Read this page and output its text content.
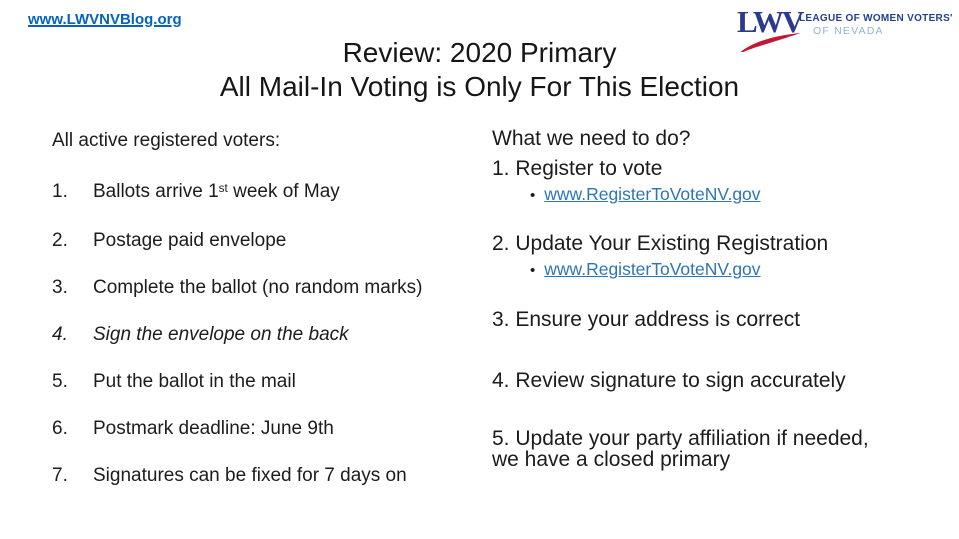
www.LWVNVBlog.org	LWV
LEAGUE OF WOMEN VOTERS'
OF NEVADA
Review: 2020 Primary
All Mail-In Voting is Only For This Election
All active registered voters:
1.	Ballots arrive 1st week of May
2.	Postage paid envelope
3.	Complete the ballot (no random marks)
4.	Sign the envelope on the back
5.	Put the ballot in the mail
6.	Postmark deadline: June 9th
7.	Signatures can be fixed for 7 days on
What we need to do?
1. Register to vote
• www.RegisterToVoteNV.gov
2. Update Your Existing Registration
• www.RegisterToVoteNV.gov
3. Ensure your address is correct
4. Review signature to sign accurately
5. Update your party affiliation if needed, we have a closed primary
